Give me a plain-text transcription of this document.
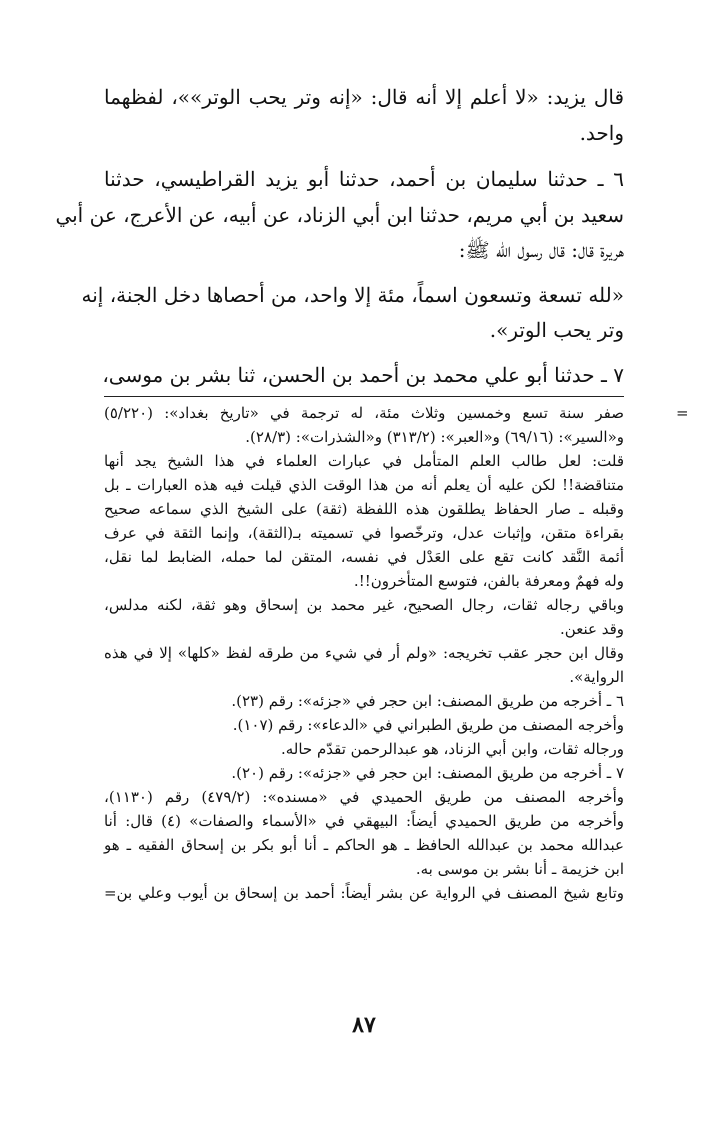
قال يزيد: «لا أعلم إلا أنه قال: «إنه وتر يحب الوتر»»، لفظهما
واحد.
٦ ـ حدثنا سليمان بن أحمد، حدثنا أبو يزيد القراطيسي، حدثنا
سعيد بن أبي مريم، حدثنا ابن أبي الزناد، عن أبيه، عن الأعرج، عن أبي
هريرة قال: قال رسول الله ﷺ:
«لله تسعة وتسعون اسماً، مئة إلا واحد، من أحصاها دخل الجنة، إنه
وتر يحب الوتر».
٧ ـ حدثنا أبو علي محمد بن أحمد بن الحسن، ثنا بشر بن موسى،
=
صفر سنة تسع وخمسين وثلاث مئة، له ترجمة في «تاريخ بغداد»: (٥/٢٢٠)
و«السير»: (٦٩/١٦) و«العبر»: (٣١٣/٢) و«الشذرات»: (٢٨/٣).
قلت: لعل طالب العلم المتأمل في عبارات العلماء في هذا الشيخ يجد أنها
متناقضة!! لكن عليه أن يعلم أنه من هذا الوقت الذي قيلت فيه هذه العبارات ـ بل
وقبله ـ صار الحفاظ يطلقون هذه اللفظة (ثقة) على الشيخ الذي سماعه صحيح
بقراءة متقن، وإثبات عدل، وترخّصوا في تسميته بـ(الثقة)، وإنما الثقة في عرف
أئمة النَّقد كانت تقع على العَدْل في نفسه، المتقن لما حمله، الضابط لما نقل،
وله فهمٌ ومعرفة بالفن، فتوسع المتأخرون!!.
وباقي رجاله ثقات، رجال الصحيح، غير محمد بن إسحاق وهو ثقة، لكنه مدلس،
وقد عنعن.
وقال ابن حجر عقب تخريجه: «ولم أر في شيء من طرقه لفظ «كلها» إلا في هذه
الرواية».
٦ ـ أخرجه من طريق المصنف: ابن حجر في «جزئه»: رقم (٢٣).
وأخرجه المصنف من طريق الطبراني في «الدعاء»: رقم (١٠٧).
ورجاله ثقات، وابن أبي الزناد، هو عبدالرحمن تقدّم حاله.
٧ ـ أخرجه من طريق المصنف: ابن حجر في «جزئه»: رقم (٢٠).
وأخرجه المصنف من طريق الحميدي في «مسنده»: (٤٧٩/٢) رقم (١١٣٠)،
وأخرجه من طريق الحميدي أيضاً: البيهقي في «الأسماء والصفات» (٤) قال: أنا
عبدالله محمد بن عبدالله الحافظ ـ هو الحاكم ـ أنا أبو بكر بن إسحاق الفقيه ـ هو
ابن خزيمة ـ أنا بشر بن موسى به.
وتابع شيخ المصنف في الرواية عن بشر أيضاً: أحمد بن إسحاق بن أيوب وعلي بن=
٨٧
